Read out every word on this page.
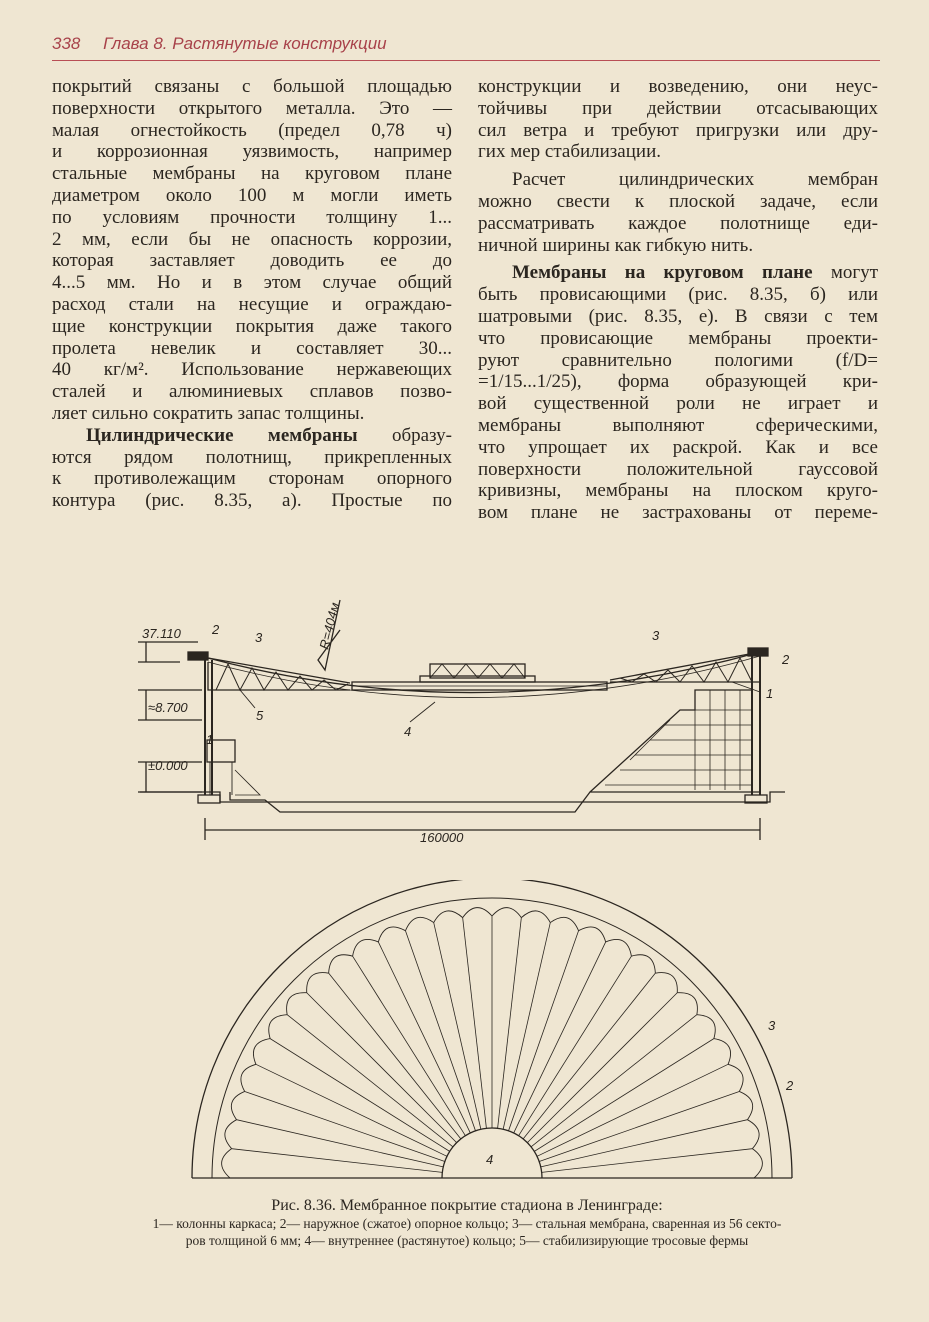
338 Глава 8. Растянутые конструкции
покрытий связаны с большой площадью
поверхности открытого металла. Это —
малая огнестойкость (предел 0,78 ч)
и коррозионная уязвимость, например
стальные мембраны на круговом плане
диаметром около 100 м могли иметь
по условиям прочности толщину 1...
2 мм, если бы не опасность коррозии,
которая заставляет доводить ее до
4...5 мм. Но и в этом случае общий
расход стали на несущие и ограждаю-
щие конструкции покрытия даже такого
пролета невелик и составляет 30...
40 кг/м². Использование нержавеющих
сталей и алюминиевых сплавов позво-
ляет сильно сократить запас толщины.
Цилиндрические мембраны образу-
ются рядом полотнищ, прикрепленных
к противолежащим сторонам опорного
контура (рис. 8.35, а). Простые по
конструкции и возведению, они неус-
тойчивы при действии отсасывающих
сил ветра и требуют пригрузки или дру-
гих мер стабилизации.
Расчет цилиндрических мембран
можно свести к плоской задаче, если
рассматривать каждое полотнище еди-
ничной ширины как гибкую нить.
Мембраны на круговом плане могут
быть провисающими (рис. 8.35, б) или
шатровыми (рис. 8.35, е). В связи с тем
что провисающие мембраны проекти-
руют сравнительно пологими (f/D=
=1/15...1/25), форма образующей кри-
вой существенной роли не играет и
мембраны выполняют сферическими,
что упрощает их раскрой. Как и все
поверхности положительной гауссовой
кривизны, мембраны на плоском круго-
вом плане не застрахованы от переме-
37.110
≈8.700
±0.000
160000
R=404м
2
3
5
1
4
3
2
1
3
2
4
Рис. 8.36. Мембранное покрытие стадиона в Ленинграде:
1— колонны каркаса; 2— наружное (сжатое) опорное кольцо; 3— стальная мембрана, сваренная из 56 секто-
ров толщиной 6 мм; 4— внутреннее (растянутое) кольцо; 5— стабилизирующие тросовые фермы
